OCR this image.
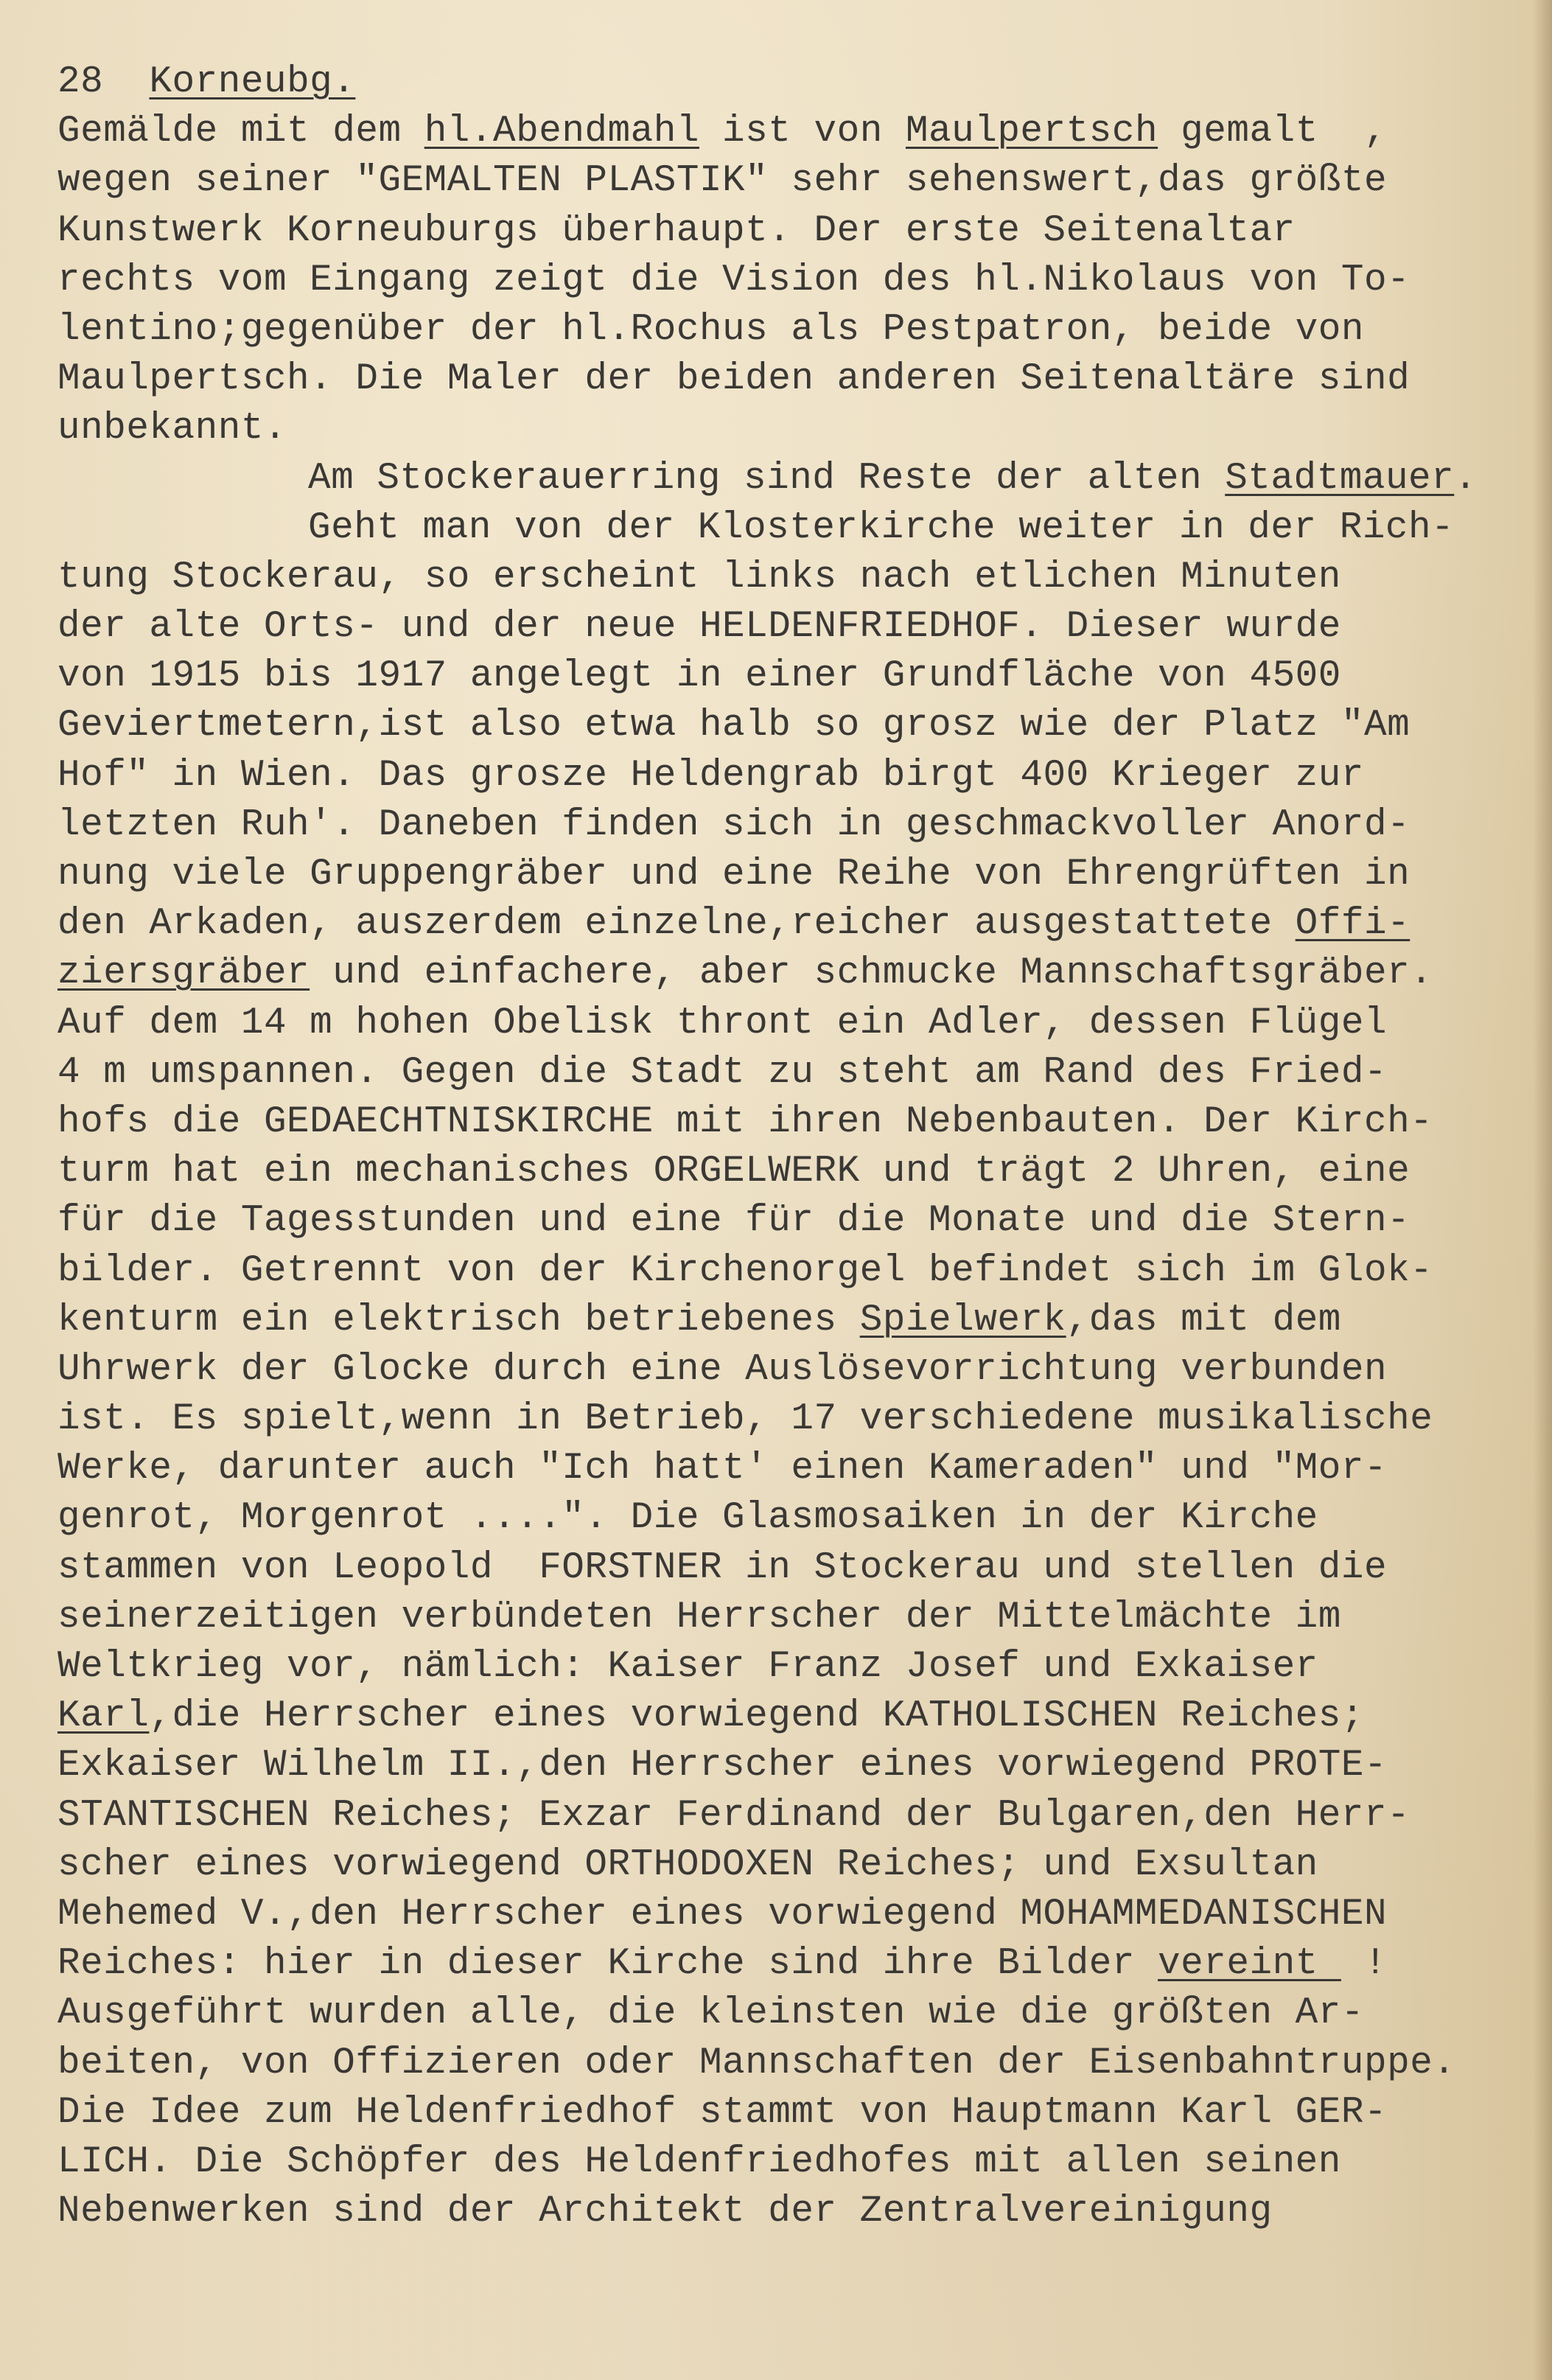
28 Korneubg.
Gemälde mit dem hl.Abendmahl ist von Maulpertsch gemalt  ,
wegen seiner "GEMALTEN PLASTIK" sehr sehenswert,das größte
Kunstwerk Korneuburgs überhaupt. Der erste Seitenaltar
rechts vom Eingang zeigt die Vision des hl.Nikolaus von To-
lentino;gegenüber der hl.Rochus als Pestpatron, beide von
Maulpertsch. Die Maler der beiden anderen Seitenaltäre sind
unbekannt.
Am Stockerauerring sind Reste der alten Stadtmauer.
Geht man von der Klosterkirche weiter in der Rich-
tung Stockerau, so erscheint links nach etlichen Minuten
der alte Orts- und der neue HELDENFRIEDHOF. Dieser wurde
von 1915 bis 1917 angelegt in einer Grundfläche von 4500
Geviertmetern,ist also etwa halb so grosz wie der Platz "Am
Hof" in Wien. Das grosze Heldengrab birgt 400 Krieger zur
letzten Ruh'. Daneben finden sich in geschmackvoller Anord-
nung viele Gruppengräber und eine Reihe von Ehrengrüften in
den Arkaden, auszerdem einzelne,reicher ausgestattete Offi-
ziersgräber und einfachere, aber schmucke Mannschaftsgräber.
Auf dem 14 m hohen Obelisk thront ein Adler, dessen Flügel
4 m umspannen. Gegen die Stadt zu steht am Rand des Fried-
hofs die GEDAECHTNISKIRCHE mit ihren Nebenbauten. Der Kirch-
turm hat ein mechanisches ORGELWERK und trägt 2 Uhren, eine
für die Tagesstunden und eine für die Monate und die Stern-
bilder. Getrennt von der Kirchenorgel befindet sich im Glok-
kenturm ein elektrisch betriebenes Spielwerk,das mit dem
Uhrwerk der Glocke durch eine Auslösevorrichtung verbunden
ist. Es spielt,wenn in Betrieb, 17 verschiedene musikalische
Werke, darunter auch "Ich hatt' einen Kameraden" und "Mor-
genrot, Morgenrot ....". Die Glasmosaiken in der Kirche
stammen von Leopold  FORSTNER in Stockerau und stellen die
seinerzeitigen verbündeten Herrscher der Mittelmächte im
Weltkrieg vor, nämlich: Kaiser Franz Josef und Exkaiser
Karl,die Herrscher eines vorwiegend KATHOLISCHEN Reiches;
Exkaiser Wilhelm II.,den Herrscher eines vorwiegend PROTE-
STANTISCHEN Reiches; Exzar Ferdinand der Bulgaren,den Herr-
scher eines vorwiegend ORTHODOXEN Reiches; und Exsultan
Mehemed V.,den Herrscher eines vorwiegend MOHAMMEDANISCHEN
Reiches: hier in dieser Kirche sind ihre Bilder vereint  !
Ausgeführt wurden alle, die kleinsten wie die größten Ar-
beiten, von Offizieren oder Mannschaften der Eisenbahntruppe.
Die Idee zum Heldenfriedhof stammt von Hauptmann Karl GER-
LICH. Die Schöpfer des Heldenfriedhofes mit allen seinen
Nebenwerken sind der Architekt der Zentralvereinigung
